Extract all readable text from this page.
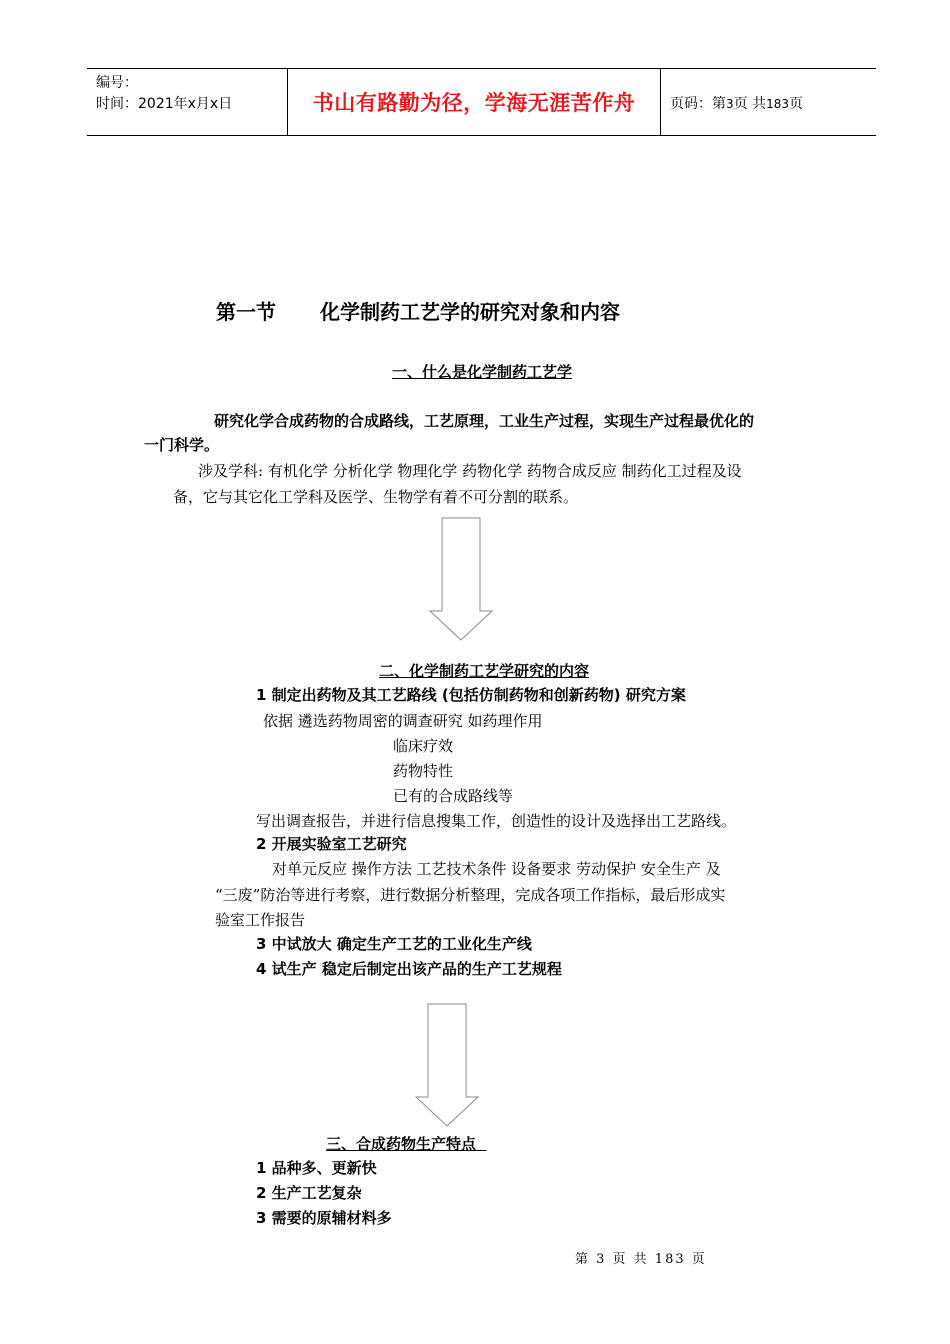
编号：
时间：2021年x月x日	书山有路勤为径，学海无涯苦作舟	页码：第3页 共183页
第一节 化学制药工艺学的研究对象和内容
一、什么是化学制药工艺学
研究化学合成药物的合成路线，工艺原理，工业生产过程，实现生产过程最优化的
一门科学。
涉及学科: 有机化学 分析化学 物理化学 药物化学 药物合成反应 制药化工过程及设
备，它与其它化工学科及医学、生物学有着不可分割的联系。
二、化学制药工艺学研究的内容
1 制定出药物及其工艺路线 (包括仿制药物和创新药物) 研究方案
依据 遴选药物周密的调查研究 如药理作用
临床疗效
药物特性
已有的合成路线等
写出调查报告，并进行信息搜集工作，创造性的设计及选择出工艺路线。
2 开展实验室工艺研究
对单元反应 操作方法 工艺技术条件 设备要求 劳动保护 安全生产 及
“三废”防治等进行考察，进行数据分析整理，完成各项工作指标，最后形成实
验室工作报告
3 中试放大 确定生产工艺的工业化生产线
4 试生产 稳定后制定出该产品的生产工艺规程
三、合成药物生产特点
1 品种多、更新快
2 生产工艺复杂
3 需要的原辅材料多
第 3 页 共 183 页
